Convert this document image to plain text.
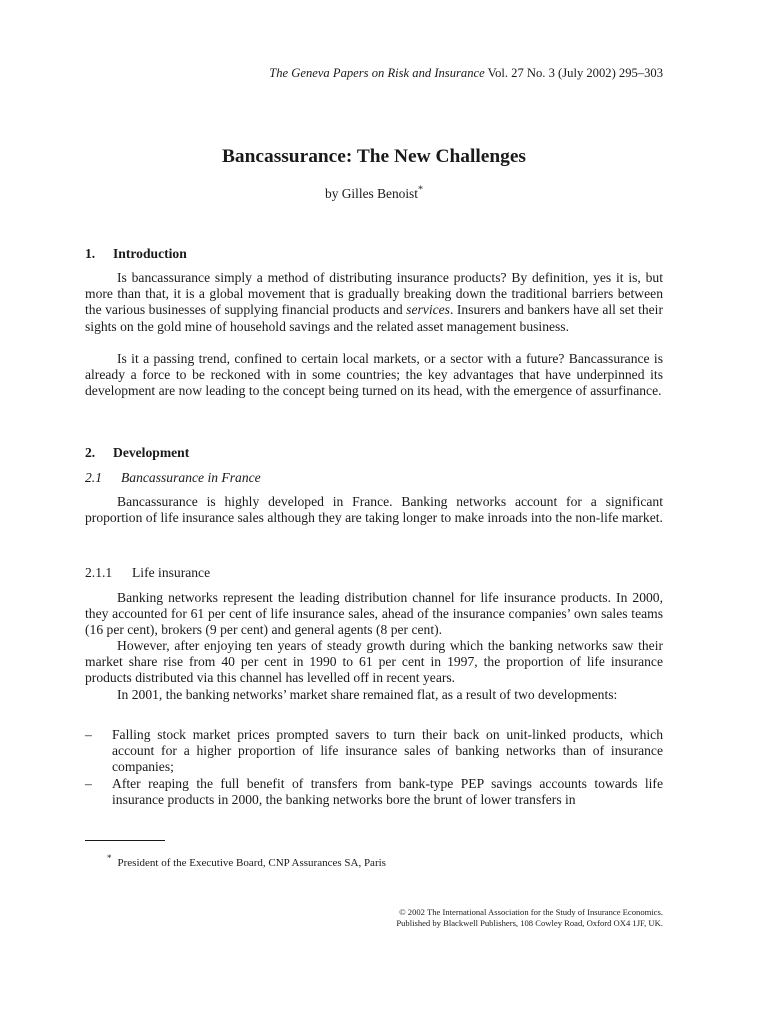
The Geneva Papers on Risk and Insurance Vol. 27 No. 3 (July 2002) 295–303
Bancassurance: The New Challenges
by Gilles Benoist*
1. Introduction

Is bancassurance simply a method of distributing insurance products? By definition, yes it is, but more than that, it is a global movement that is gradually breaking down the traditional barriers between the various businesses of supplying financial products and services. Insurers and bankers have all set their sights on the gold mine of household savings and the related asset management business.

Is it a passing trend, confined to certain local markets, or a sector with a future? Bancassurance is already a force to be reckoned with in some countries; the key advantages that have underpinned its development are now leading to the concept being turned on its head, with the emergence of assurfinance.

2. Development
2.1 Bancassurance in France

Bancassurance is highly developed in France. Banking networks account for a significant proportion of life insurance sales although they are taking longer to make inroads into the non-life market.

2.1.1 Life insurance

Banking networks represent the leading distribution channel for life insurance products. In 2000, they accounted for 61 per cent of life insurance sales, ahead of the insurance companies’ own sales teams (16 per cent), brokers (9 per cent) and general agents (8 per cent).

However, after enjoying ten years of steady growth during which the banking networks saw their market share rise from 40 per cent in 1990 to 61 per cent in 1997, the proportion of life insurance products distributed via this channel has levelled off in recent years.

In 2001, the banking networks’ market share remained flat, as a result of two developments:

– Falling stock market prices prompted savers to turn their back on unit-linked products, which account for a higher proportion of life insurance sales of banking networks than of insurance companies;
– After reaping the full benefit of transfers from bank-type PEP savings accounts towards life insurance products in 2000, the banking networks bore the brunt of lower transfers in
* President of the Executive Board, CNP Assurances SA, Paris
© 2002 The International Association for the Study of Insurance Economics.
Published by Blackwell Publishers, 108 Cowley Road, Oxford OX4 1JF, UK.
